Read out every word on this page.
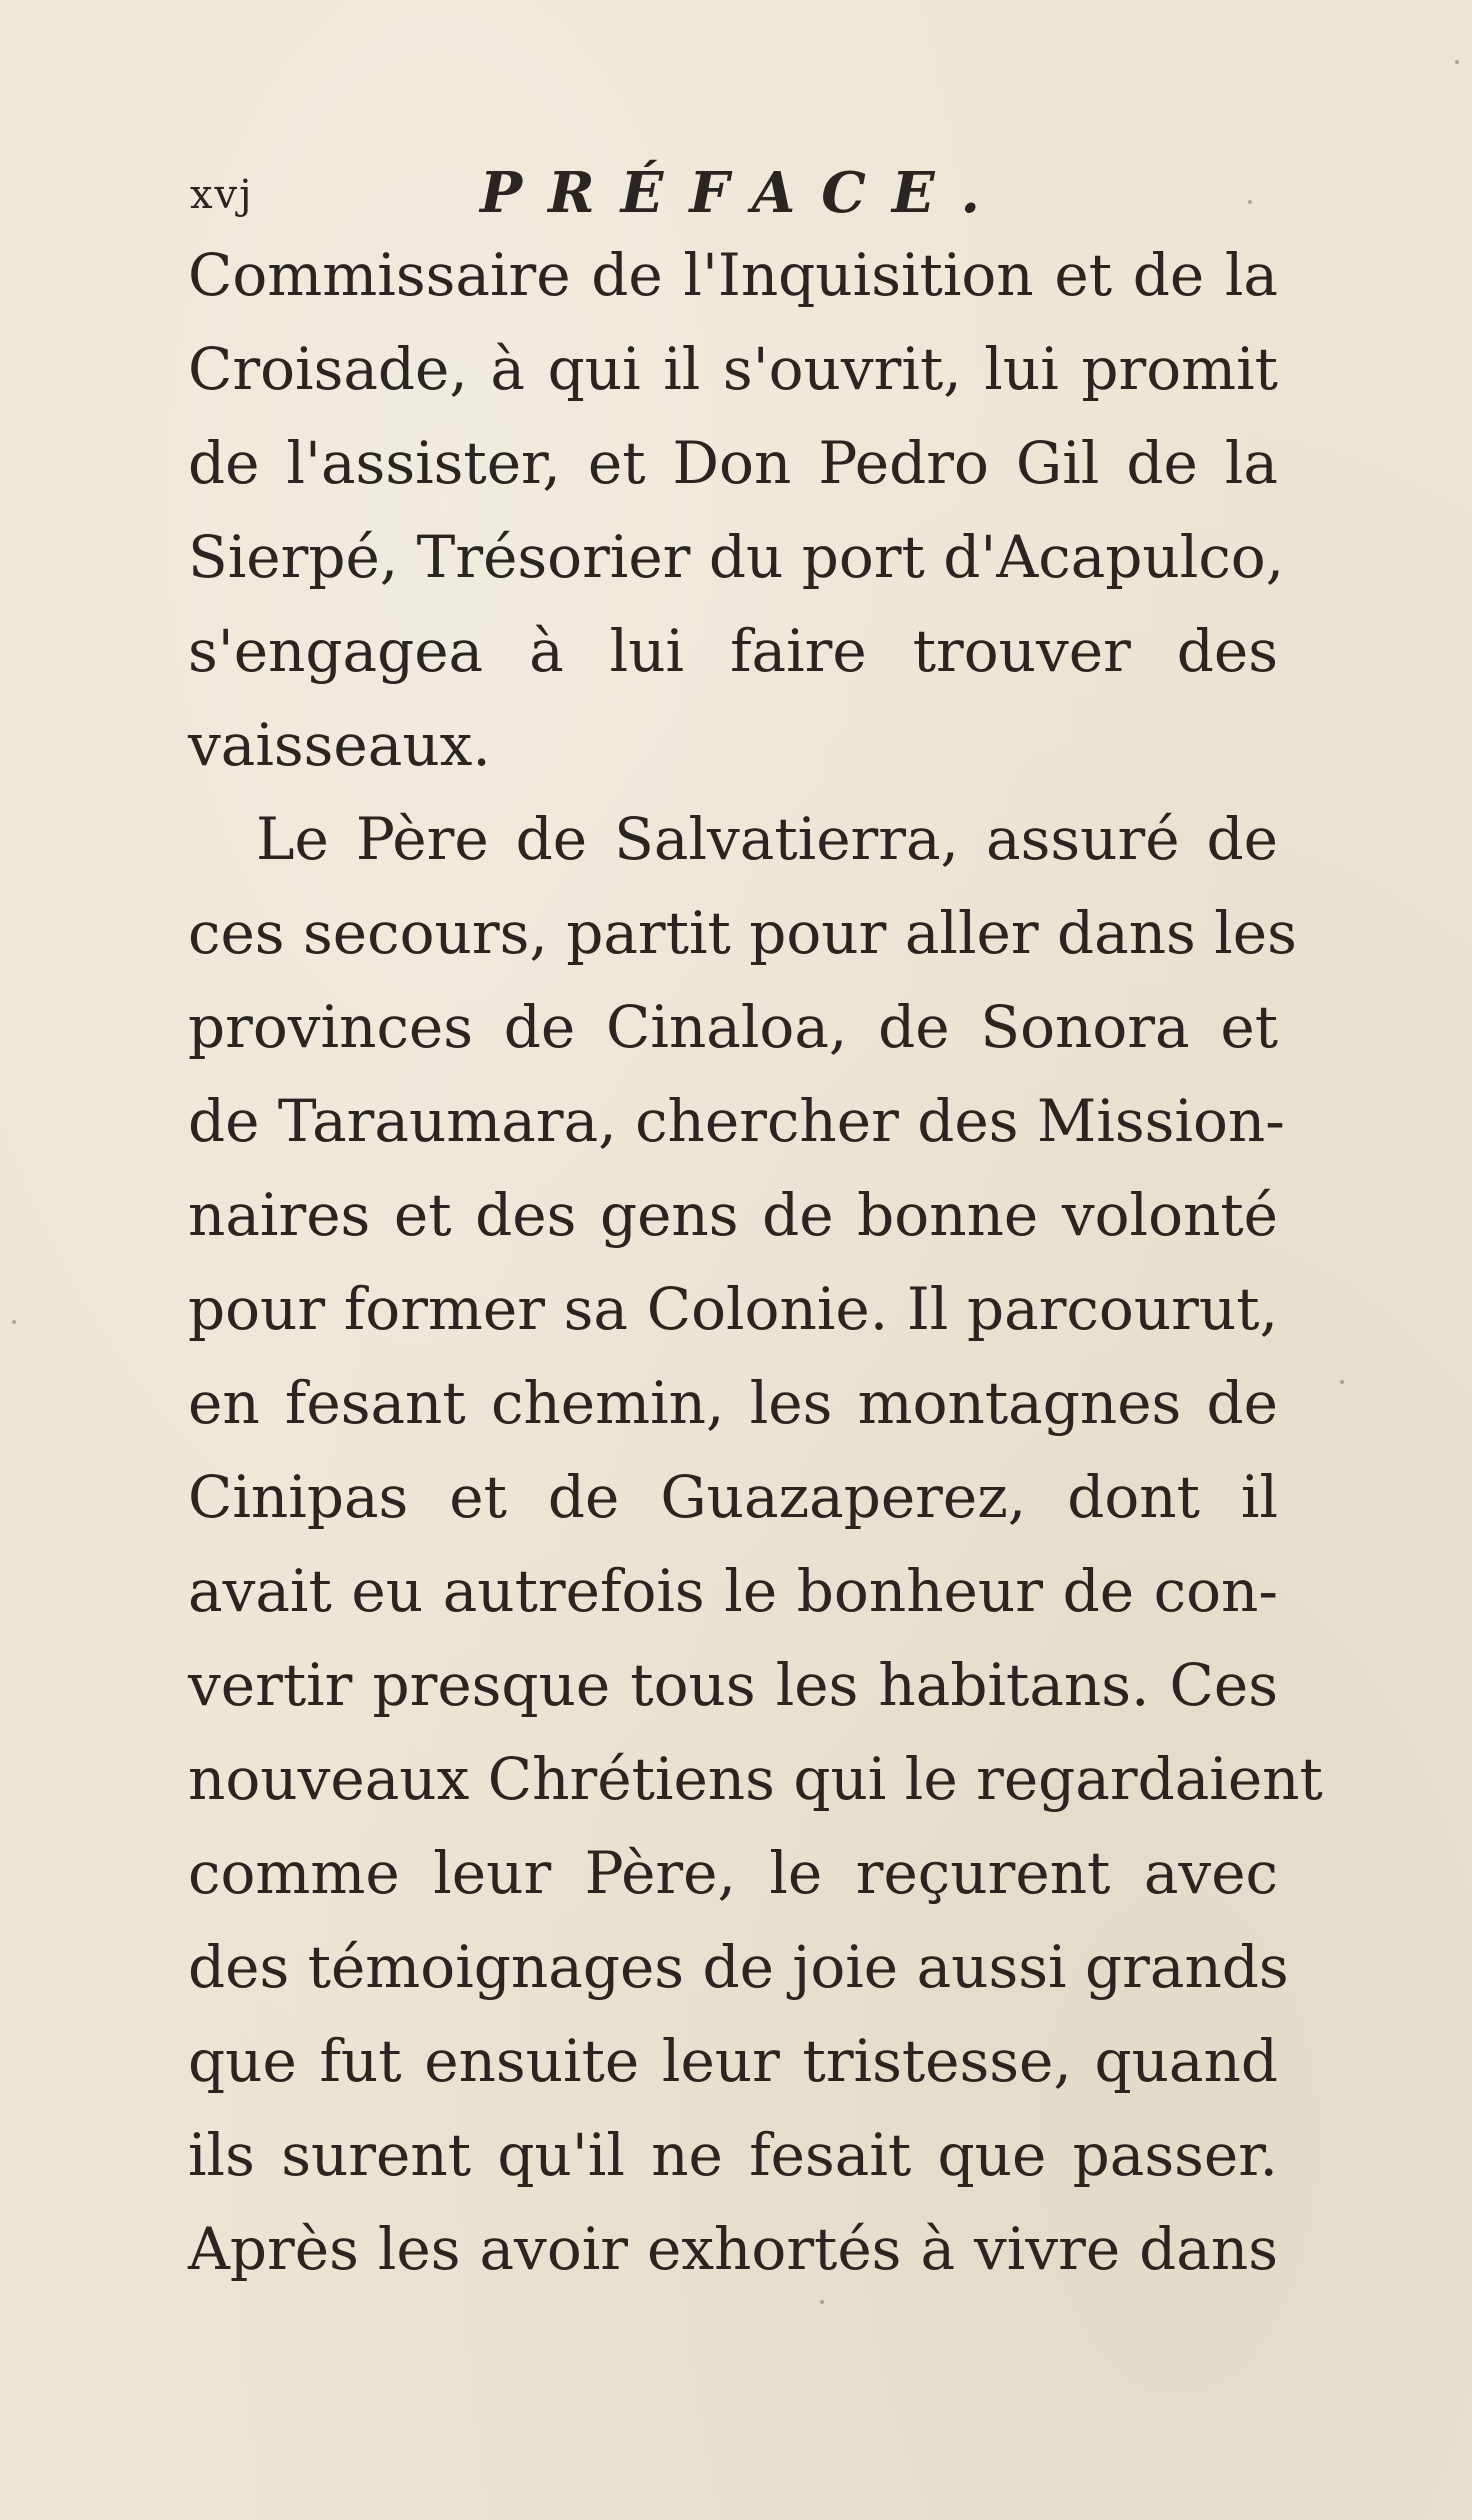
xvj	PRÉFACE.
Commissaire de l'Inquisition et de la
Croisade, à qui il s'ouvrit, lui promit
de l'assister, et Don Pedro Gil de la
Sierpé, Trésorier du port d'Acapulco,
s'engagea à lui faire trouver des
vaisseaux.
Le Père de Salvatierra, assuré de
ces secours, partit pour aller dans les
provinces de Cinaloa, de Sonora et
de Taraumara, chercher des Mission-
naires et des gens de bonne volonté
pour former sa Colonie. Il parcourut,
en fesant chemin, les montagnes de
Cinipas et de Guazaperez, dont il
avait eu autrefois le bonheur de con-
vertir presque tous les habitans. Ces
nouveaux Chrétiens qui le regardaient
comme leur Père, le reçurent avec
des témoignages de joie aussi grands
que fut ensuite leur tristesse, quand
ils surent qu'il ne fesait que passer.
Après les avoir exhortés à vivre dans
